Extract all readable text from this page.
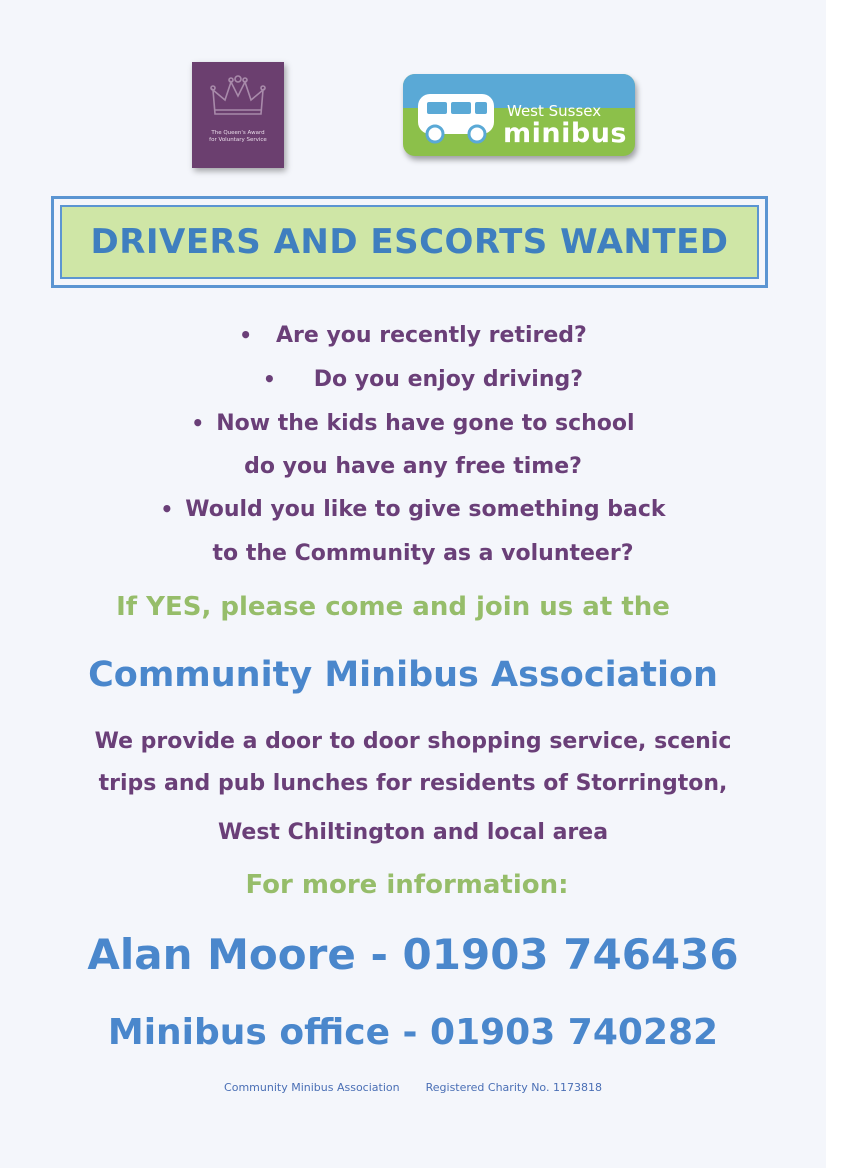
The Queen's Award
for Voluntary Service
West Sussex
minibus
DRIVERS AND ESCORTS WANTED
• Are you recently retired?
• Do you enjoy driving?
• Now the kids have gone to school
do you have any free time?
• Would you like to give something back
to the Community as a volunteer?
If YES, please come and join us at the
Community Minibus Association
We provide a door to door shopping service, scenic
trips and pub lunches for residents of Storrington,
West Chiltington and local area
For more information:
Alan Moore - 01903 746436
Minibus office - 01903 740282
Community Minibus Association Registered Charity No. 1173818
